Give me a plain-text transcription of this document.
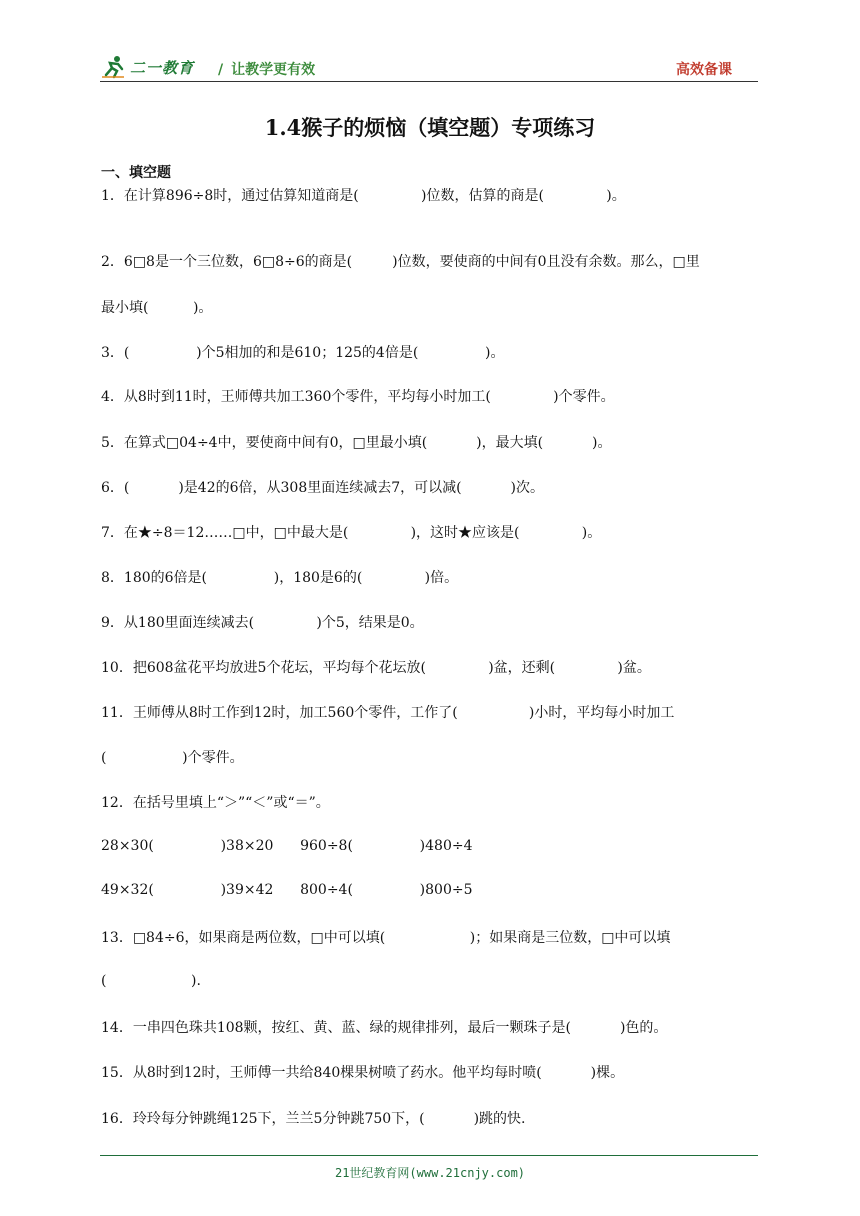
二一教育 / 让教学更有效	高效备课
1.4猴子的烦恼（填空题）专项练习
一、填空题
1．在计算896÷8时，通过估算知道商是(              )位数，估算的商是(              )。
2．6□8是一个三位数，6□8÷6的商是(         )位数，要使商的中间有0且没有余数。那么，□里
最小填(          )。
3．(               )个5相加的和是610；125的4倍是(               )。
4．从8时到11时，王师傅共加工360个零件，平均每小时加工(              )个零件。
5．在算式□04÷4中，要使商中间有0，□里最小填(           )，最大填(           )。
6．(           )是42的6倍，从308里面连续减去7，可以减(           )次。
7．在★÷8＝12……□中，□中最大是(              )，这时★应该是(              )。
8．180的6倍是(               )，180是6的(              )倍。
9．从180里面连续减去(              )个5，结果是0。
10．把608盆花平均放进5个花坛，平均每个花坛放(              )盆，还剩(              )盆。
11．王师傅从8时工作到12时，加工560个零件，工作了(                )小时，平均每小时加工
(                 )个零件。
12．在括号里填上“＞”“＜”或“＝”。
28×30(               )38×20      960÷8(               )480÷4
49×32(               )39×42      800÷4(               )800÷5
13．□84÷6，如果商是两位数，□中可以填(                   )；如果商是三位数，□中可以填
(                   ).
14．一串四色珠共108颗，按红、黄、蓝、绿的规律排列，最后一颗珠子是(           )色的。
15．从8时到12时，王师傅一共给840棵果树喷了药水。他平均每时喷(           )棵。
16．玲玲每分钟跳绳125下，兰兰5分钟跳750下，(           )跳的快.
21世纪教育网(www.21cnjy.com)
